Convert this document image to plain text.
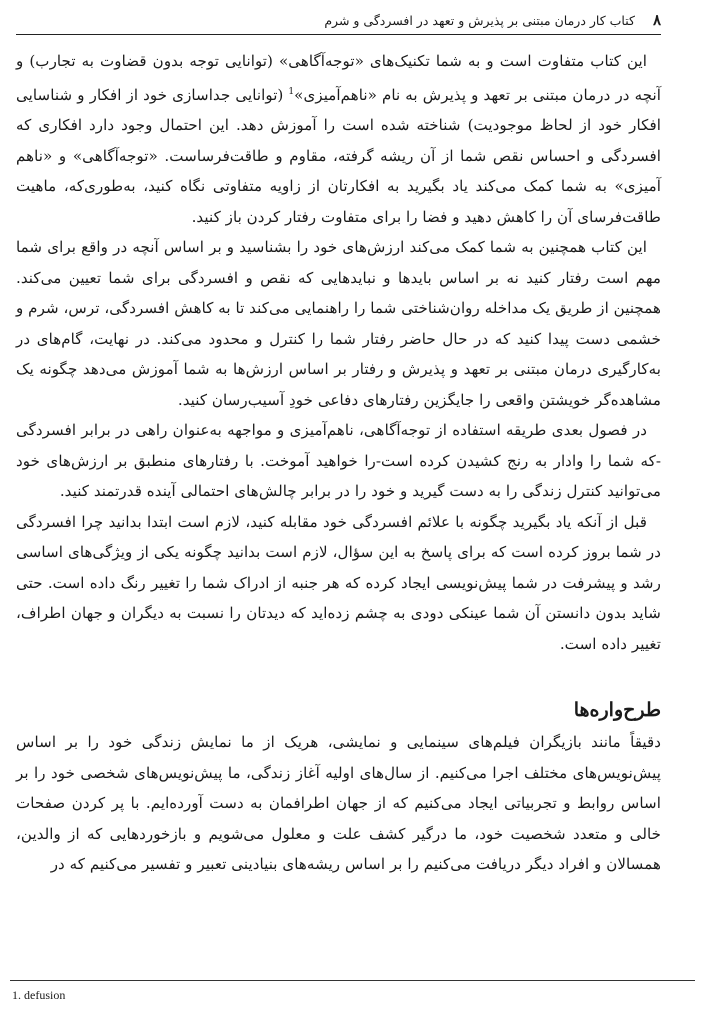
۸
کتاب کار درمان مبتنی بر پذیرش و تعهد در افسردگی و شرم

این کتاب متفاوت است و به شما تکنیک‌های «توجه‌آگاهی» (توانایی توجه بدون قضاوت به تجارب) و آنچه در درمان مبتنی بر تعهد و پذیرش به نام «ناهم‌آمیزی»$^1$ (توانایی جداسازی خود از افکار و شناسایی افکار خود از لحاظ موجودیت) شناخته شده است را آموزش دهد. این احتمال وجود دارد افکاری که افسردگی و احساس نقص شما از آن ریشه گرفته، مقاوم و طاقت‌فرساست. «توجه‌آگاهی» و «ناهم آمیزی» به شما کمک می‌کند یاد بگیرید به افکارتان از زاویه متفاوتی نگاه کنید، به‌طوری‌که، ماهیت طاقت‌فرسای آن را کاهش دهید و فضا را برای متفاوت رفتار کردن باز کنید.

این کتاب همچنین به شما کمک می‌کند ارزش‌های خود را بشناسید و بر اساس آنچه در واقع برای شما مهم است رفتار کنید نه بر اساس بایدها و نبایدهایی که نقص و افسردگی برای شما تعیین می‌کند. همچنین از طریق یک مداخله روان‌شناختی شما را راهنمایی می‌کند تا به کاهش افسردگی، ترس، شرم و خشمی دست پیدا کنید که در حال حاضر رفتار شما را کنترل و محدود می‌کند. در نهایت، گام‌های در به‌کارگیری درمان مبتنی بر تعهد و پذیرش و رفتار بر اساس ارزش‌ها به شما آموزش می‌دهد چگونه یک مشاهده‌گر خویشتن واقعی را جایگزین رفتارهای دفاعی خودِ آسیب‌رسان کنید.

در فصول بعدی طریقه استفاده از توجه‌آگاهی، ناهم‌آمیزی و مواجهه به‌عنوان راهی در برابر افسردگی -که شما را وادار به رنج کشیدن کرده است-را خواهید آموخت. با رفتارهای منطبق بر ارزش‌های خود می‌توانید کنترل زندگی را به دست گیرید و خود را در برابر چالش‌های احتمالی آینده قدرتمند کنید.

قبل از آنکه یاد بگیرید چگونه با علائم افسردگی خود مقابله کنید، لازم است ابتدا بدانید چرا افسردگی در شما بروز کرده است که برای پاسخ به این سؤال، لازم است بدانید چگونه یکی از ویژگی‌های اساسی رشد و پیشرفت در شما پیش‌نویسی ایجاد کرده که هر جنبه از ادراک شما را تغییر رنگ داده است. حتی شاید بدون دانستن آن شما عینکی دودی به چشم زده‌اید که دیدتان را نسبت به دیگران و جهان اطراف، تغییر داده است.

طرح‌واره‌ها

دقیقاً مانند بازیگران فیلم‌های سینمایی و نمایشی، هریک از ما نمایش زندگی خود را بر اساس پیش‌نویس‌های مختلف اجرا می‌کنیم. از سال‌های اولیه آغاز زندگی، ما پیش‌نویس‌های شخصی خود را بر اساس روابط و تجربیاتی ایجاد می‌کنیم که از جهان اطرافمان به دست آورده‌ایم. با پر کردن صفحات خالی و متعدد شخصیت خود، ما درگیر کشف علت و معلول می‌شویم و بازخوردهایی که از والدین، همسالان و افراد دیگر دریافت می‌کنیم را بر اساس ریشه‌های بنیادینی تعبیر و تفسیر می‌کنیم که در

1. defusion
